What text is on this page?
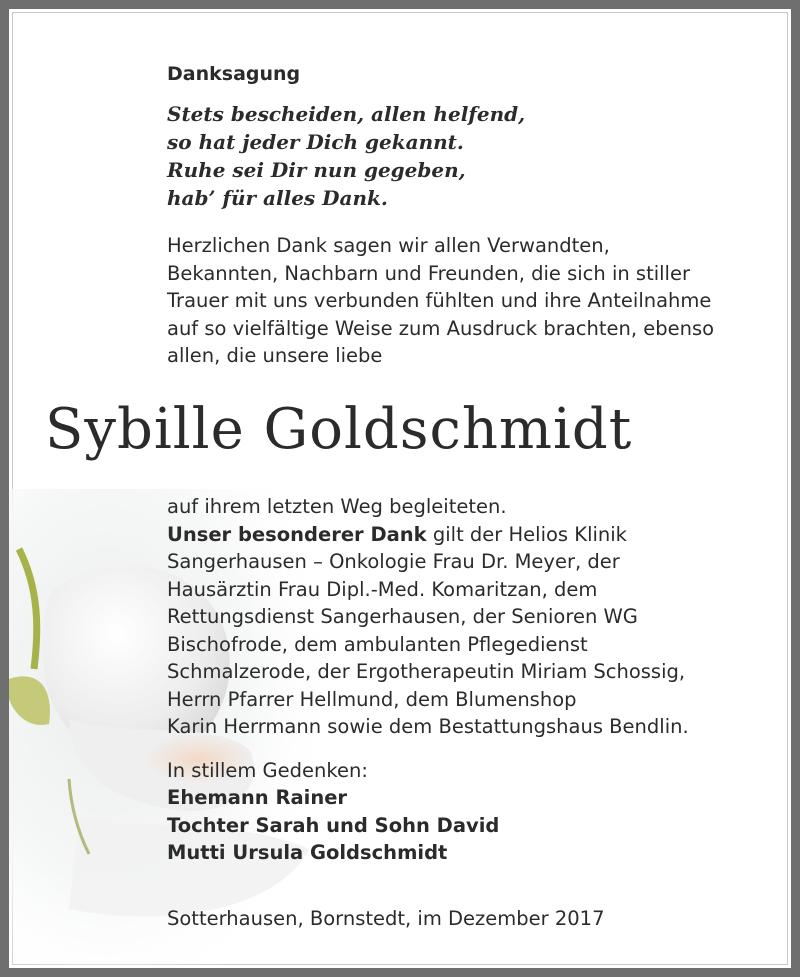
Danksagung
Stets bescheiden, allen helfend,
so hat jeder Dich gekannt.
Ruhe sei Dir nun gegeben,
hab’ für alles Dank.
Herzlichen Dank sagen wir allen Verwandten,
Bekannten, Nachbarn und Freunden, die sich in stiller
Trauer mit uns verbunden fühlten und ihre Anteilnahme
auf so vielfältige Weise zum Ausdruck brachten, ebenso
allen, die unsere liebe
Sybille Goldschmidt
auf ihrem letzten Weg begleiteten.
Unser besonderer Dank gilt der Helios Klinik
Sangerhausen – Onkologie Frau Dr. Meyer, der
Hausärztin Frau Dipl.-Med. Komaritzan, dem
Rettungsdienst Sangerhausen, der Senioren WG
Bischofrode, dem ambulanten Pflegedienst
Schmalzerode, der Ergotherapeutin Miriam Schossig,
Herrn Pfarrer Hellmund, dem Blumenshop
Karin Herrmann sowie dem Bestattungshaus Bendlin.
In stillem Gedenken:
Ehemann Rainer
Tochter Sarah und Sohn David
Mutti Ursula Goldschmidt
Sotterhausen, Bornstedt, im Dezember 2017
